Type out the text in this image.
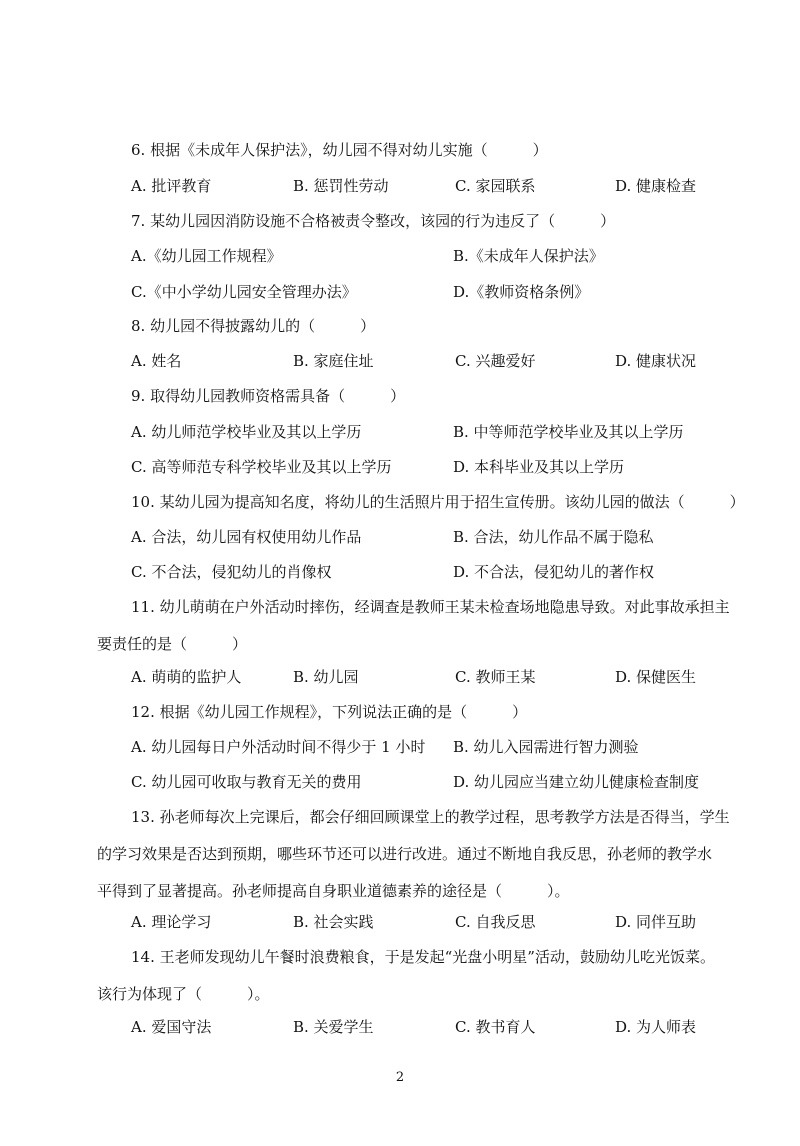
6. 根据《未成年人保护法》，幼儿园不得对幼儿实施（　　　）
A. 批评教育	B. 惩罚性劳动	C. 家园联系	D. 健康检查
7. 某幼儿园因消防设施不合格被责令整改，该园的行为违反了（　　　）
A.《幼儿园工作规程》	B.《未成年人保护法》
C.《中小学幼儿园安全管理办法》	D.《教师资格条例》
8. 幼儿园不得披露幼儿的（　　　）
A. 姓名	B. 家庭住址	C. 兴趣爱好	D. 健康状况
9. 取得幼儿园教师资格需具备（　　　）
A. 幼儿师范学校毕业及其以上学历	B. 中等师范学校毕业及其以上学历
C. 高等师范专科学校毕业及其以上学历	D. 本科毕业及其以上学历
10. 某幼儿园为提高知名度，将幼儿的生活照片用于招生宣传册。该幼儿园的做法（　　　）
A. 合法，幼儿园有权使用幼儿作品	B. 合法，幼儿作品不属于隐私
C. 不合法，侵犯幼儿的肖像权	D. 不合法，侵犯幼儿的著作权
11. 幼儿萌萌在户外活动时摔伤，经调查是教师王某未检查场地隐患导致。对此事故承担主
要责任的是（　　　）
A. 萌萌的监护人	B. 幼儿园	C. 教师王某	D. 保健医生
12. 根据《幼儿园工作规程》，下列说法正确的是（　　　）
A. 幼儿园每日户外活动时间不得少于 1 小时	B. 幼儿入园需进行智力测验
C. 幼儿园可收取与教育无关的费用	D. 幼儿园应当建立幼儿健康检查制度
13. 孙老师每次上完课后，都会仔细回顾课堂上的教学过程，思考教学方法是否得当，学生
的学习效果是否达到预期，哪些环节还可以进行改进。通过不断地自我反思，孙老师的教学水
平得到了显著提高。孙老师提高自身职业道德素养的途径是（　　　）。
A. 理论学习	B. 社会实践	C. 自我反思	D. 同伴互助
14. 王老师发现幼儿午餐时浪费粮食，于是发起“光盘小明星”活动，鼓励幼儿吃光饭菜。
该行为体现了（　　　）。
A. 爱国守法	B. 关爱学生	C. 教书育人	D. 为人师表
2
